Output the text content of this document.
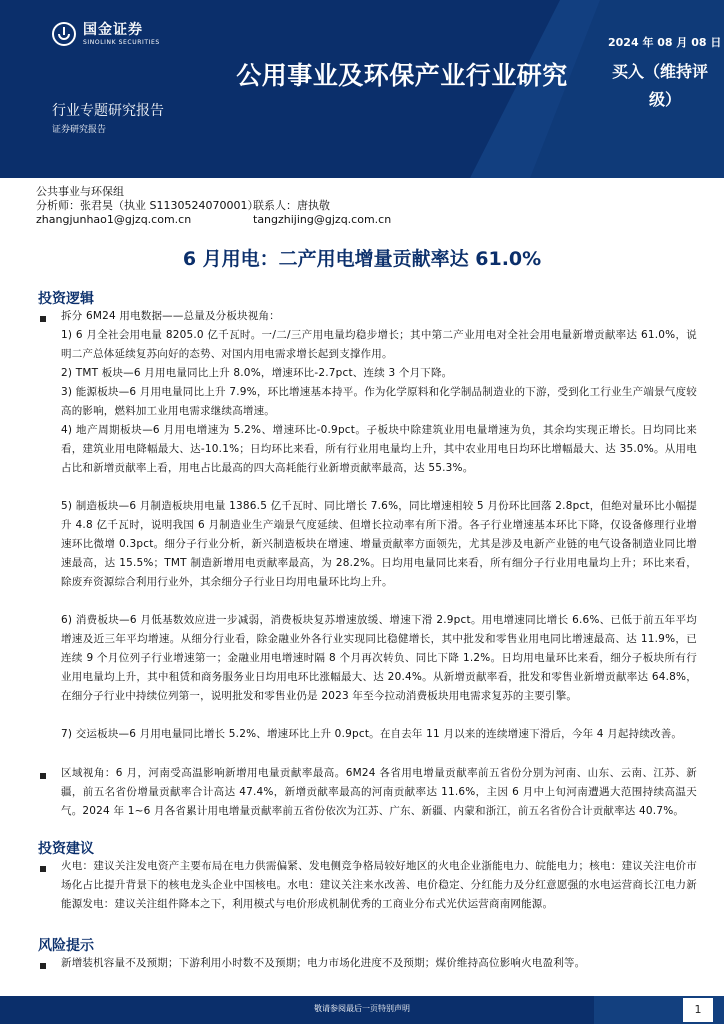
国金证券
SINOLINK SECURITIES
公用事业及环保产业行业研究
行业专题研究报告
证券研究报告
2024 年 08 月 08 日
买入（维持评
级）
公共事业与环保组
分析师：张君昊（执业 S1130524070001）
联系人：唐执敬
zhangjunhao1@gjzq.com.cn	tangzhijing@gjzq.com.cn
6 月用电：二产用电增量贡献率达 61.0%
投资逻辑
拆分 6M24 用电数据——总量及分板块视角：
1) 6 月全社会用电量 8205.0 亿千瓦时。一/二/三产用电量均稳步增长；其中第二产业用电对全社会用电量新增贡献率达 61.0%，说明二产总体延续复苏向好的态势、对国内用电需求增长起到支撑作用。
2) TMT 板块—6 月用电量同比上升 8.0%，增速环比-2.7pct、连续 3 个月下降。
3) 能源板块—6 月用电量同比上升 7.9%，环比增速基本持平。作为化学原料和化学制品制造业的下游，受到化工行业生产端景气度较高的影响，燃料加工业用电需求继续高增速。
4) 地产周期板块—6 月用电增速为 5.2%、增速环比-0.9pct。子板块中除建筑业用电量增速为负，其余均实现正增长。日均同比来看，建筑业用电降幅最大、达-10.1%；日均环比来看，所有行业用电量均上升，其中农业用电日均环比增幅最大、达 35.0%。从用电占比和新增贡献率上看，用电占比最高的四大高耗能行业新增贡献率最高，达 55.3%。
5) 制造板块—6 月制造板块用电量 1386.5 亿千瓦时、同比增长 7.6%，同比增速相较 5 月份环比回落 2.8pct，但绝对量环比小幅提升 4.8 亿千瓦时，说明我国 6 月制造业生产端景气度延续、但增长拉动率有所下滑。各子行业增速基本环比下降，仅设备修理行业增速环比微增 0.3pct。细分子行业分析，新兴制造板块在增速、增量贡献率方面领先，尤其是涉及电新产业链的电气设备制造业同比增速最高，达 15.5%；TMT 制造新增用电贡献率最高，为 28.2%。日均用电量同比来看，所有细分子行业用电量均上升；环比来看，除废弃资源综合利用行业外，其余细分子行业日均用电量环比均上升。
6) 消费板块—6 月低基数效应进一步减弱，消费板块复苏增速放缓、增速下滑 2.9pct。用电增速同比增长 6.6%、已低于前五年平均增速及近三年平均增速。从细分行业看，除金融业外各行业实现同比稳健增长，其中批发和零售业用电同比增速最高、达 11.9%，已连续 9 个月位列子行业增速第一；金融业用电增速时隔 8 个月再次转负、同比下降 1.2%。日均用电量环比来看，细分子板块所有行业用电量均上升，其中租赁和商务服务业日均用电环比涨幅最大、达 20.4%。从新增贡献率看，批发和零售业新增贡献率达 64.8%，在细分子行业中持续位列第一，说明批发和零售业仍是 2023 年至今拉动消费板块用电需求复苏的主要引擎。
7) 交运板块—6 月用电量同比增长 5.2%、增速环比上升 0.9pct。在自去年 11 月以来的连续增速下滑后，今年 4 月起持续改善。
区域视角：6 月，河南受高温影响新增用电量贡献率最高。6M24 各省用电增量贡献率前五省份分别为河南、山东、云南、江苏、新疆，前五名省份增量贡献率合计高达 47.4%，新增贡献率最高的河南贡献率达 11.6%，主因 6 月中上旬河南遭遇大范围持续高温天气。2024 年 1~6 月各省累计用电增量贡献率前五省份依次为江苏、广东、新疆、内蒙和浙江，前五名省份合计贡献率达 40.7%。
投资建议
火电：建议关注发电资产主要布局在电力供需偏紧、发电侧竞争格局较好地区的火电企业浙能电力、皖能电力；核电：建议关注电价市场化占比提升背景下的核电龙头企业中国核电。水电：建议关注来水改善、电价稳定、分红能力及分红意愿强的水电运营商长江电力新能源发电：建议关注组件降本之下，利用模式与电价形成机制优秀的工商业分布式光伏运营商南网能源。
风险提示
新增装机容量不及预期；下游利用小时数不及预期；电力市场化进度不及预期；煤价维持高位影响火电盈利等。
敬请参阅最后一页特别声明	1
